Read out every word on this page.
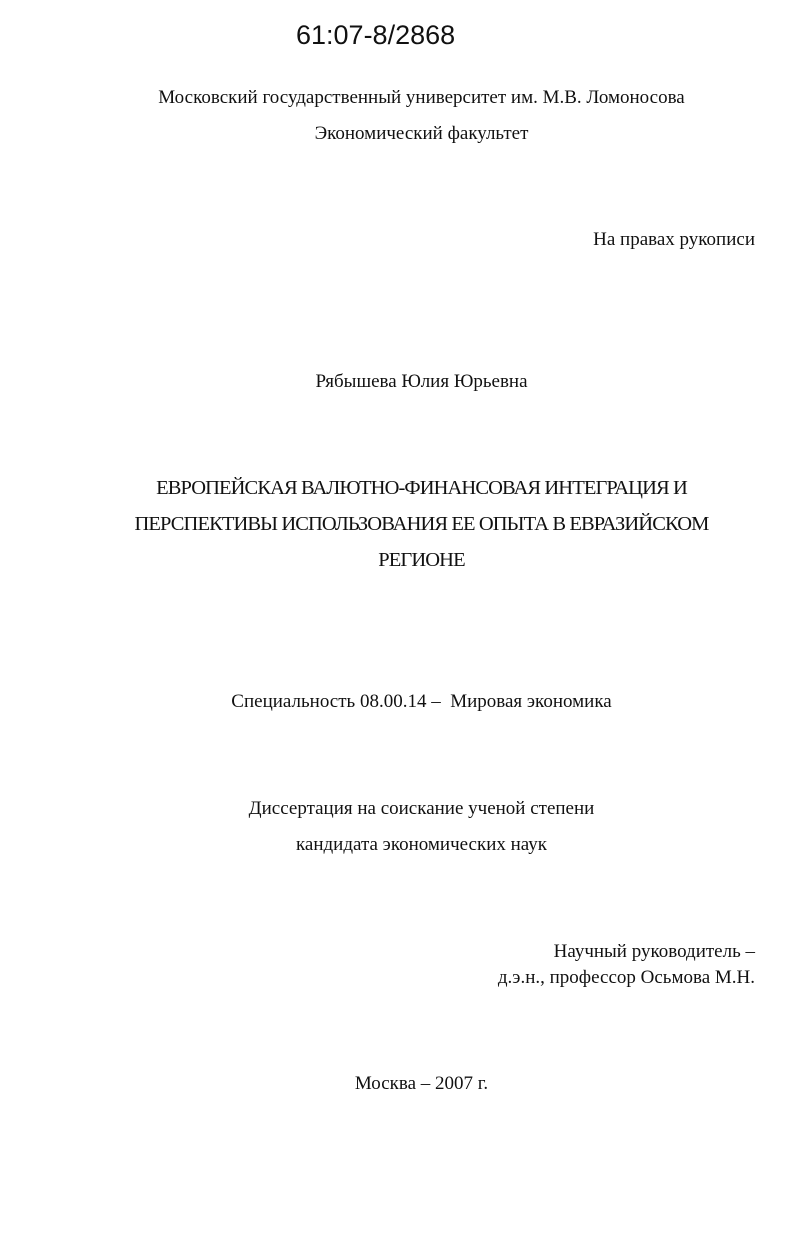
61:07-8/2868
Московский государственный университет им. М.В. Ломоносова
Экономический факультет
На правах рукописи
Рябышева Юлия Юрьевна
ЕВРОПЕЙСКАЯ ВАЛЮТНО-ФИНАНСОВАЯ ИНТЕГРАЦИЯ И
ПЕРСПЕКТИВЫ ИСПОЛЬЗОВАНИЯ ЕЕ ОПЫТА В ЕВРАЗИЙСКОМ
РЕГИОНЕ
Специальность 08.00.14 –  Мировая экономика
Диссертация на соискание ученой степени
кандидата экономических наук
Научный руководитель –
д.э.н., профессор Осьмова М.Н.
Москва – 2007 г.
